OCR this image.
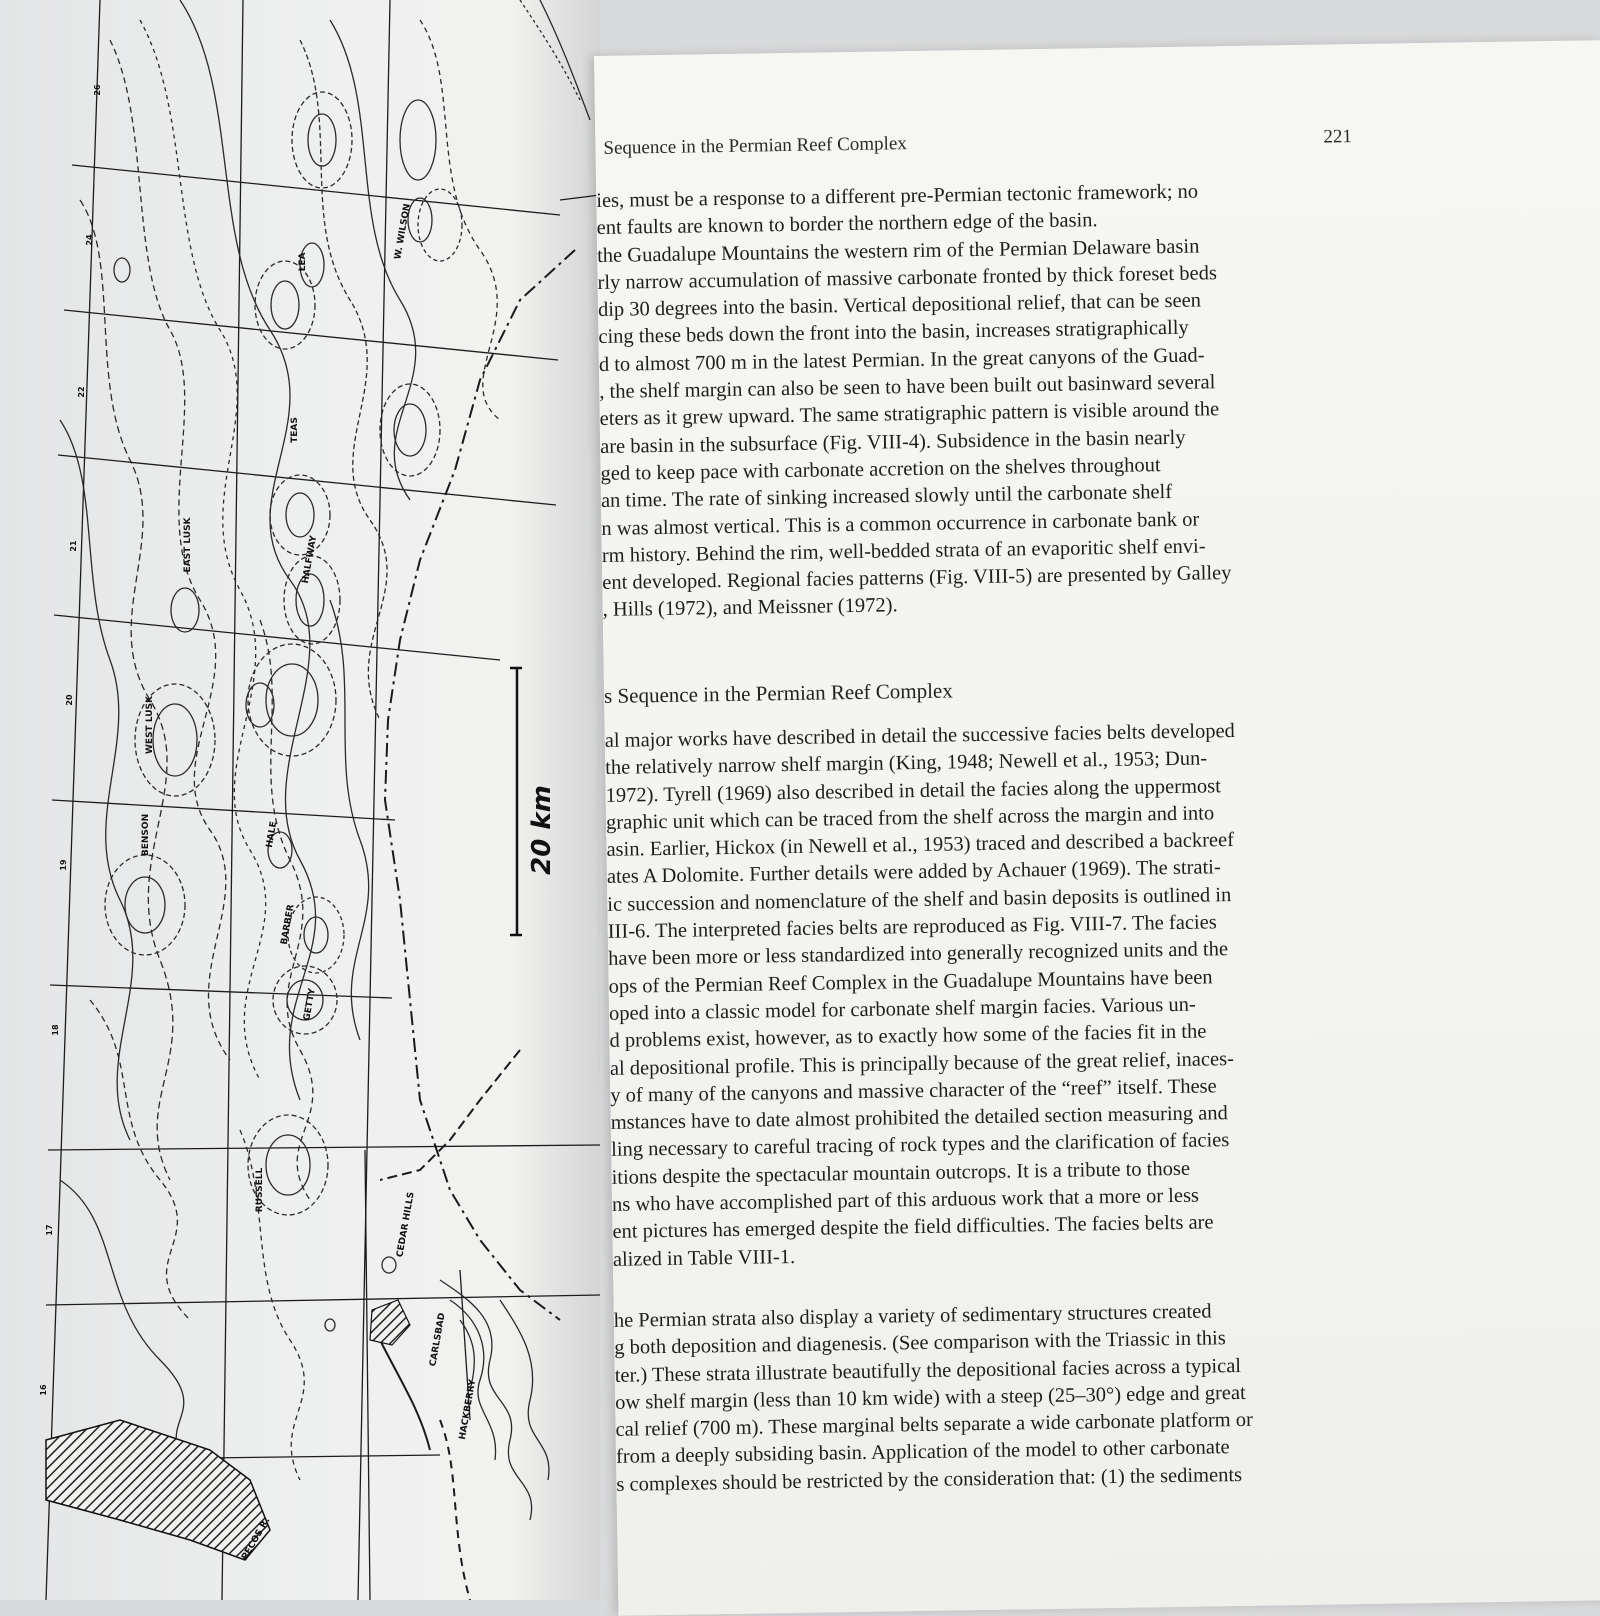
20 km
WEST LUSK
EAST LUSK
BENSON
LEA
TEAS
HALFWAY
BARBER
HALE
GETTY
RUSSELL
CEDAR HILLS
CARLSBAD
W. WILSON
HACKBERRY
PECOS R.
26
24
22
21
20
19
18
17
16
Sequence in the Permian Reef Complex	221

ies, must be a response to a different pre-Permian tectonic framework; no

ent faults are known to border the northern edge of the basin.

the Guadalupe Mountains the western rim of the Permian Delaware basin

rly narrow accumulation of massive carbonate fronted by thick foreset beds

dip 30 degrees into the basin. Vertical depositional relief, that can be seen

cing these beds down the front into the basin, increases stratigraphically

d to almost 700 m in the latest Permian. In the great canyons of the Guad-

, the shelf margin can also be seen to have been built out basinward several

eters as it grew upward. The same stratigraphic pattern is visible around the

are basin in the subsurface (Fig. VIII-4). Subsidence in the basin nearly

ged to keep pace with carbonate accretion on the shelves throughout

an time. The rate of sinking increased slowly until the carbonate shelf

n was almost vertical. This is a common occurrence in carbonate bank or

rm history. Behind the rim, well-bedded strata of an evaporitic shelf envi-

ent developed. Regional facies patterns (Fig. VIII-5) are presented by Galley

, Hills (1972), and Meissner (1972).

s Sequence in the Permian Reef Complex

al major works have described in detail the successive facies belts developed

the relatively narrow shelf margin (King, 1948; Newell et al., 1953; Dun-

1972). Tyrell (1969) also described in detail the facies along the uppermost

graphic unit which can be traced from the shelf across the margin and into

asin. Earlier, Hickox (in Newell et al., 1953) traced and described a backreef

ates A Dolomite. Further details were added by Achauer (1969). The strati-

ic succession and nomenclature of the shelf and basin deposits is outlined in

III-6. The interpreted facies belts are reproduced as Fig. VIII-7. The facies

have been more or less standardized into generally recognized units and the

ops of the Permian Reef Complex in the Guadalupe Mountains have been

oped into a classic model for carbonate shelf margin facies. Various un-

d problems exist, however, as to exactly how some of the facies fit in the

al depositional profile. This is principally because of the great relief, inaces-

y of many of the canyons and massive character of the “reef” itself. These

mstances have to date almost prohibited the detailed section measuring and

ling necessary to careful tracing of rock types and the clarification of facies

itions despite the spectacular mountain outcrops. It is a tribute to those

ns who have accomplished part of this arduous work that a more or less

ent pictures has emerged despite the field difficulties. The facies belts are

alized in Table VIII-1.

he Permian strata also display a variety of sedimentary structures created

g both deposition and diagenesis. (See comparison with the Triassic in this

ter.) These strata illustrate beautifully the depositional facies across a typical

ow shelf margin (less than 10 km wide) with a steep (25–30°) edge and great

cal relief (700 m). These marginal belts separate a wide carbonate platform or

from a deeply subsiding basin. Application of the model to other carbonate

s complexes should be restricted by the consideration that: (1) the sediments
